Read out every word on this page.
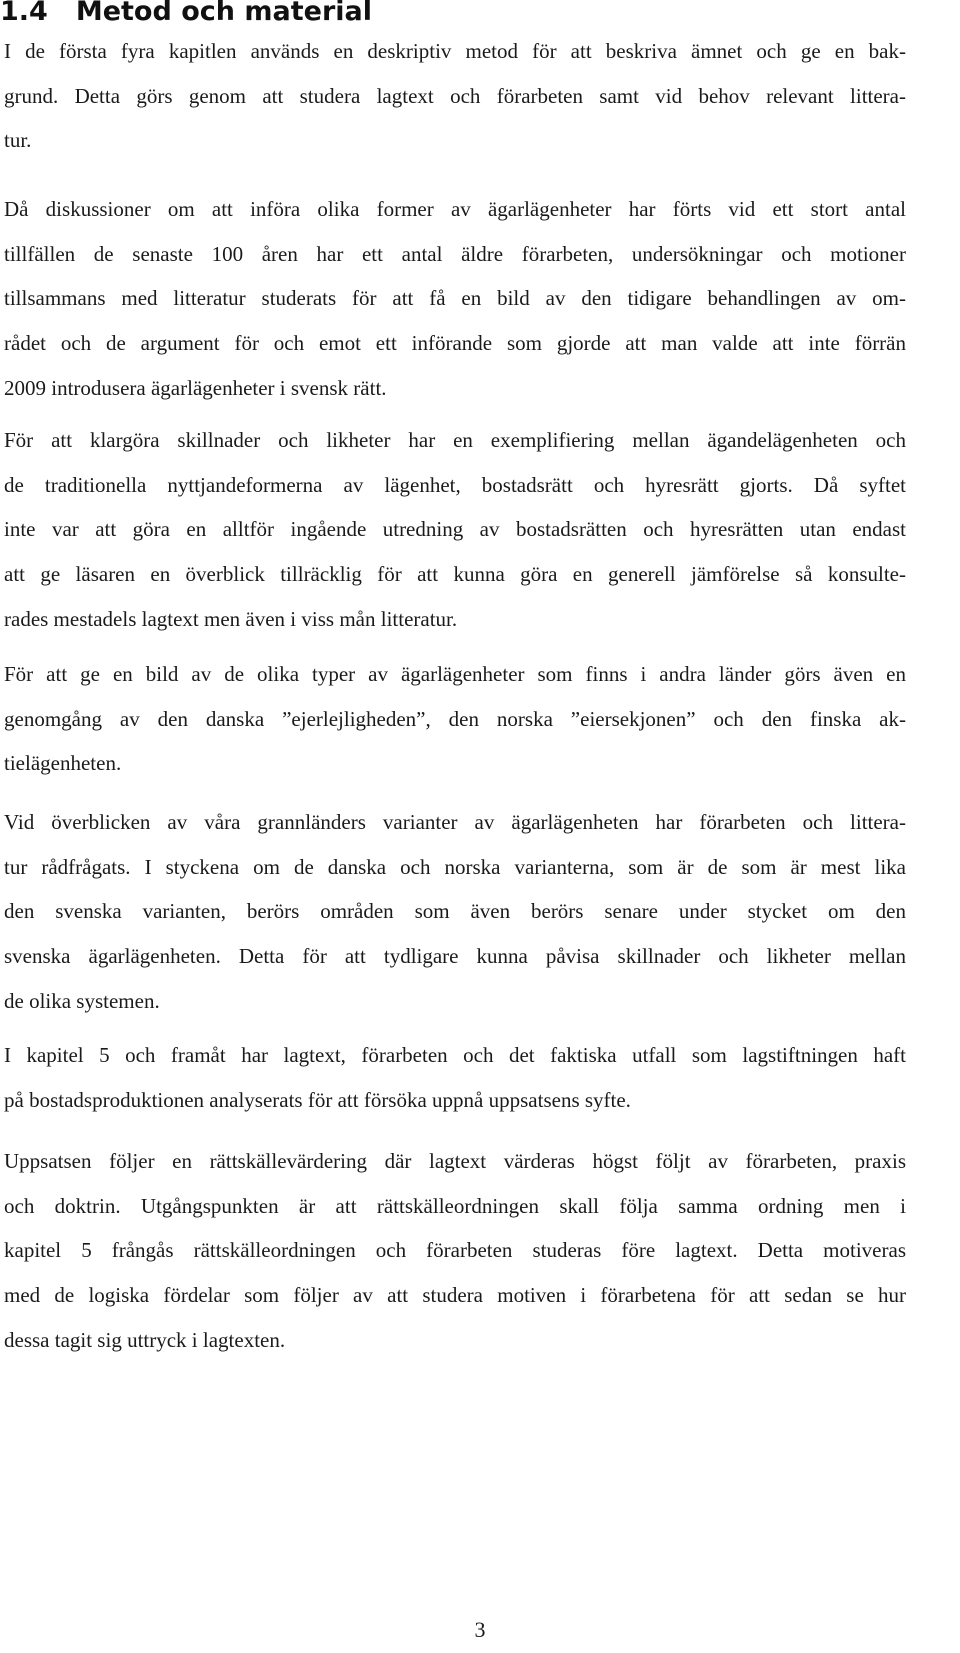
1.4 Metod och material
I de första fyra kapitlen används en deskriptiv metod för att beskriva ämnet och ge en bak-
grund. Detta görs genom att studera lagtext och förarbeten samt vid behov relevant littera-
tur.
Då diskussioner om att införa olika former av ägarlägenheter har förts vid ett stort antal
tillfällen de senaste 100 åren har ett antal äldre förarbeten, undersökningar och motioner
tillsammans med litteratur studerats för att få en bild av den tidigare behandlingen av om-
rådet och de argument för och emot ett införande som gjorde att man valde att inte förrän
2009 introdusera ägarlägenheter i svensk rätt.
För att klargöra skillnader och likheter har en exemplifiering mellan ägandelägenheten och
de traditionella nyttjandeformerna av lägenhet, bostadsrätt och hyresrätt gjorts. Då syftet
inte var att göra en alltför ingående utredning av bostadsrätten och hyresrätten utan endast
att ge läsaren en överblick tillräcklig för att kunna göra en generell jämförelse så konsulte-
rades mestadels lagtext men även i viss mån litteratur.
För att ge en bild av de olika typer av ägarlägenheter som finns i andra länder görs även en
genomgång av den danska ”ejerlejligheden”, den norska ”eiersekjonen” och den finska ak-
tielägenheten.
Vid överblicken av våra grannländers varianter av ägarlägenheten har förarbeten och littera-
tur rådfrågats. I styckena om de danska och norska varianterna, som är de som är mest lika
den svenska varianten, berörs områden som även berörs senare under stycket om den
svenska ägarlägenheten. Detta för att tydligare kunna påvisa skillnader och likheter mellan
de olika systemen.
I kapitel 5 och framåt har lagtext, förarbeten och det faktiska utfall som lagstiftningen haft
på bostadsproduktionen analyserats för att försöka uppnå uppsatsens syfte.
Uppsatsen följer en rättskällevärdering där lagtext värderas högst följt av förarbeten, praxis
och doktrin. Utgångspunkten är att rättskälleordningen skall följa samma ordning men i
kapitel 5 frångås rättskälleordningen och förarbeten studeras före lagtext. Detta motiveras
med de logiska fördelar som följer av att studera motiven i förarbetena för att sedan se hur
dessa tagit sig uttryck i lagtexten.
3
